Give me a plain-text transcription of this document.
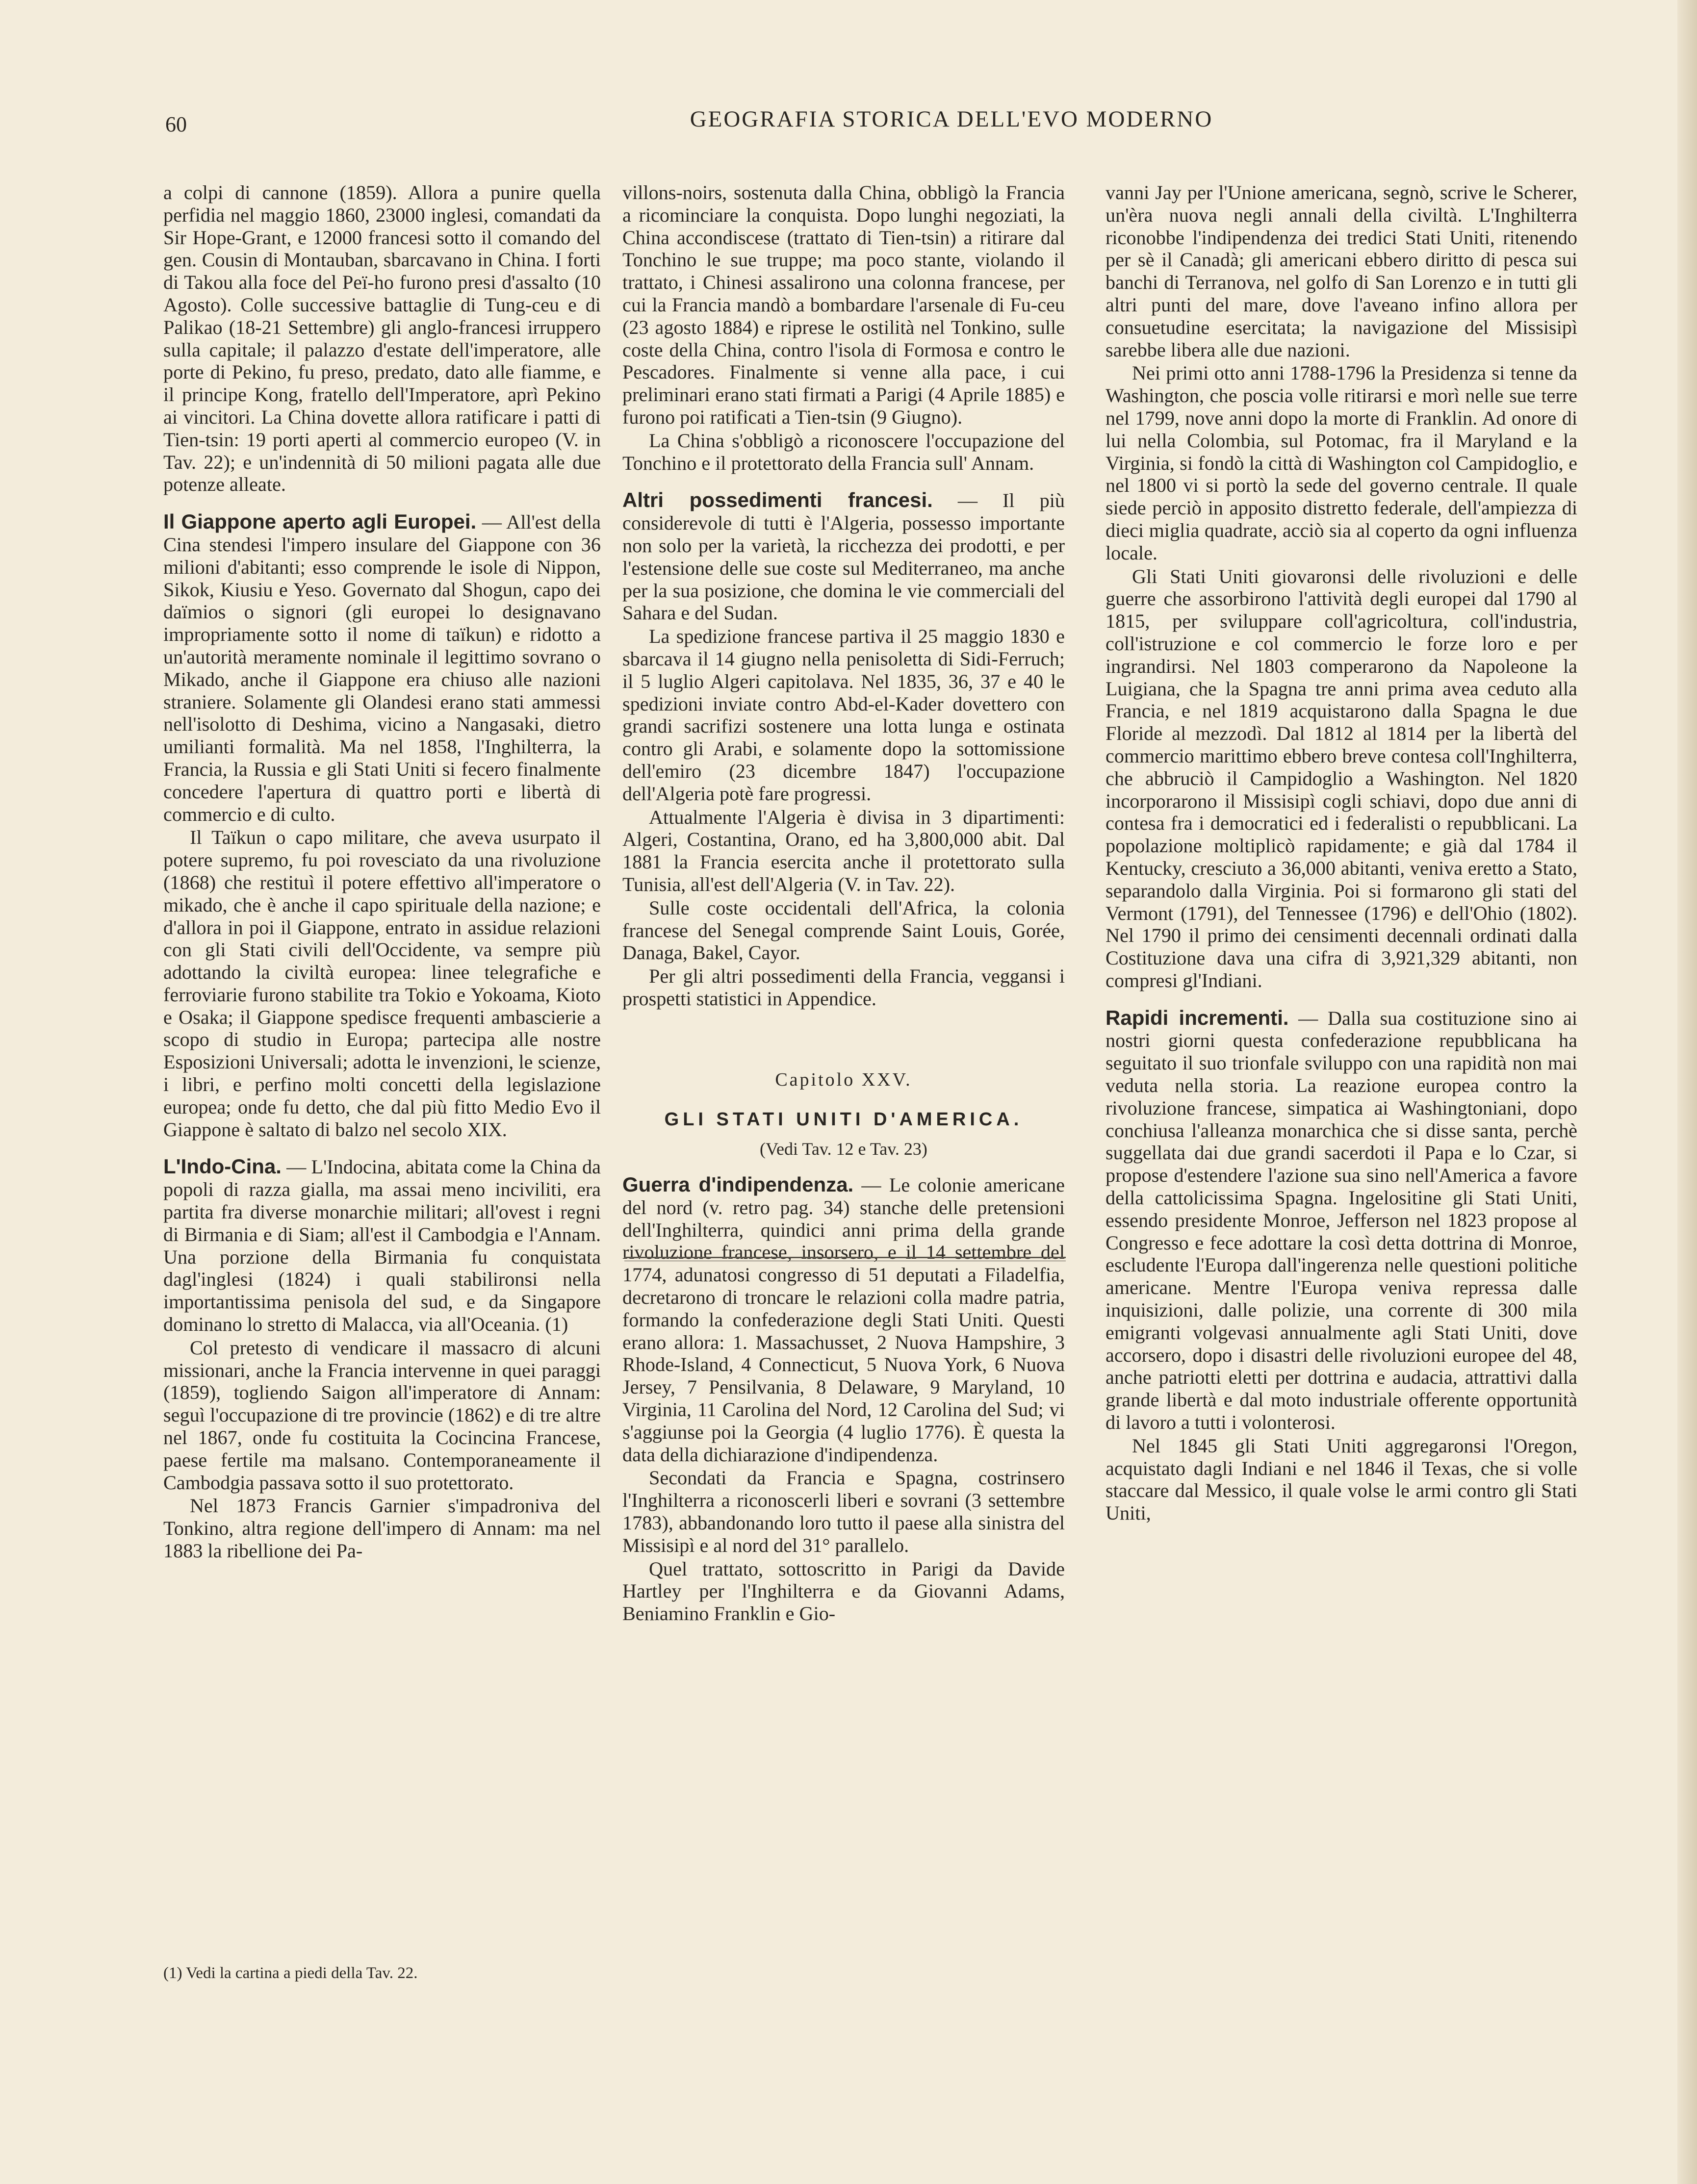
60	GEOGRAFIA STORICA DELL'EVO MODERNO

a colpi di cannone (1859). Allora a punire quella perfidia nel maggio 1860, 23000 inglesi, comandati da Sir Hope-Grant, e 12000 francesi sotto il comando del gen. Cousin di Montauban, sbarcavano in China. I forti di Takou alla foce del Peï-ho furono presi d'assalto (10 Agosto). Colle successive battaglie di Tung-ceu e di Palikao (18-21 Settembre) gli anglo-francesi irruppero sulla capitale; il palazzo d'estate dell'imperatore, alle porte di Pekino, fu preso, predato, dato alle fiamme, e il principe Kong, fratello dell'Imperatore, aprì Pekino ai vincitori. La China dovette allora ratificare i patti di Tien-tsin: 19 porti aperti al commercio europeo (V. in Tav. 22); e un'indennità di 50 milioni pagata alle due potenze alleate.

Il Giappone aperto agli Europei. — All'est della Cina stendesi l'impero insulare del Giappone con 36 milioni d'abitanti; esso comprende le isole di Nippon, Sikok, Kiusiu e Yeso. Governato dal Shogun, capo dei daïmios o signori (gli europei lo designavano impropriamente sotto il nome di taïkun) e ridotto a un'autorità meramente nominale il legittimo sovrano o Mikado, anche il Giappone era chiuso alle nazioni straniere. Solamente gli Olandesi erano stati ammessi nell'isolotto di Deshima, vicino a Nangasaki, dietro umilianti formalità. Ma nel 1858, l'Inghilterra, la Francia, la Russia e gli Stati Uniti si fecero finalmente concedere l'apertura di quattro porti e libertà di commercio e di culto.

Il Taïkun o capo militare, che aveva usurpato il potere supremo, fu poi rovesciato da una rivoluzione (1868) che restituì il potere effettivo all'imperatore o mikado, che è anche il capo spirituale della nazione; e d'allora in poi il Giappone, entrato in assidue relazioni con gli Stati civili dell'Occidente, va sempre più adottando la civiltà europea: linee telegrafiche e ferroviarie furono stabilite tra Tokio e Yokoama, Kioto e Osaka; il Giappone spedisce frequenti ambascierie a scopo di studio in Europa; partecipa alle nostre Esposizioni Universali; adotta le invenzioni, le scienze, i libri, e perfino molti concetti della legislazione europea; onde fu detto, che dal più fitto Medio Evo il Giappone è saltato di balzo nel secolo XIX.

L'Indo-Cina. — L'Indocina, abitata come la China da popoli di razza gialla, ma assai meno inciviliti, era partita fra diverse monarchie militari; all'ovest i regni di Birmania e di Siam; all'est il Cambodgia e l'Annam. Una porzione della Birmania fu conquistata dagl'inglesi (1824) i quali stabilironsi nella importantissima penisola del sud, e da Singapore dominano lo stretto di Malacca, via all'Oceania. (1)

Col pretesto di vendicare il massacro di alcuni missionari, anche la Francia intervenne in quei paraggi (1859), togliendo Saigon all'imperatore di Annam: seguì l'occupazione di tre provincie (1862) e di tre altre nel 1867, onde fu costituita la Cocincina Francese, paese fertile ma malsano. Contemporaneamente il Cambodgia passava sotto il suo protettorato.

Nel 1873 Francis Garnier s'impadroniva del Tonkino, altra regione dell'impero di Annam: ma nel 1883 la ribellione dei Pa-

(1) Vedi la cartina a piedi della Tav. 22.

villons-noirs, sostenuta dalla China, obbligò la Francia a ricominciare la conquista. Dopo lunghi negoziati, la China accondiscese (trattato di Tien-tsin) a ritirare dal Tonchino le sue truppe; ma poco stante, violando il trattato, i Chinesi assalirono una colonna francese, per cui la Francia mandò a bombardare l'arsenale di Fu-ceu (23 agosto 1884) e riprese le ostilità nel Tonkino, sulle coste della China, contro l'isola di Formosa e contro le Pescadores. Finalmente si venne alla pace, i cui preliminari erano stati firmati a Parigi (4 Aprile 1885) e furono poi ratificati a Tien-tsin (9 Giugno).

La China s'obbligò a riconoscere l'occupazione del Tonchino e il protettorato della Francia sull' Annam.

Altri possedimenti francesi. — Il più considerevole di tutti è l'Algeria, possesso importante non solo per la varietà, la ricchezza dei prodotti, e per l'estensione delle sue coste sul Mediterraneo, ma anche per la sua posizione, che domina le vie commerciali del Sahara e del Sudan.

La spedizione francese partiva il 25 maggio 1830 e sbarcava il 14 giugno nella penisoletta di Sidi-Ferruch; il 5 luglio Algeri capitolava. Nel 1835, 36, 37 e 40 le spedizioni inviate contro Abd-el-Kader dovettero con grandi sacrifizi sostenere una lotta lunga e ostinata contro gli Arabi, e solamente dopo la sottomissione dell'emiro (23 dicembre 1847) l'occupazione dell'Algeria potè fare progressi.

Attualmente l'Algeria è divisa in 3 dipartimenti: Algeri, Costantina, Orano, ed ha 3,800,000 abit. Dal 1881 la Francia esercita anche il protettorato sulla Tunisia, all'est dell'Algeria (V. in Tav. 22).

Sulle coste occidentali dell'Africa, la colonia francese del Senegal comprende Saint Louis, Gorée, Danaga, Bakel, Cayor.

Per gli altri possedimenti della Francia, veggansi i prospetti statistici in Appendice.

Capitolo XXV.

GLI STATI UNITI D'AMERICA.

(Vedi Tav. 12 e Tav. 23)

Guerra d'indipendenza. — Le colonie americane del nord (v. retro pag. 34) stanche delle pretensioni dell'Inghilterra, quindici anni prima della grande rivoluzione francese, insorsero, e il 14 settembre del 1774, adunatosi congresso di 51 deputati a Filadelfia, decretarono di troncare le relazioni colla madre patria, formando la confederazione degli Stati Uniti. Questi erano allora: 1. Massachusset, 2 Nuova Hampshire, 3 Rhode-Island, 4 Connecticut, 5 Nuova York, 6 Nuova Jersey, 7 Pensilvania, 8 Delaware, 9 Maryland, 10 Virginia, 11 Carolina del Nord, 12 Carolina del Sud; vi s'aggiunse poi la Georgia (4 luglio 1776). È questa la data della dichiarazione d'indipendenza.

Secondati da Francia e Spagna, costrinsero l'Inghilterra a riconoscerli liberi e sovrani (3 settembre 1783), abbandonando loro tutto il paese alla sinistra del Missisipì e al nord del 31° parallelo.

Quel trattato, sottoscritto in Parigi da Davide Hartley per l'Inghilterra e da Giovanni Adams, Beniamino Franklin e Gio-

vanni Jay per l'Unione americana, segnò, scrive le Scherer, un'èra nuova negli annali della civiltà. L'Inghilterra riconobbe l'indipendenza dei tredici Stati Uniti, ritenendo per sè il Canadà; gli americani ebbero diritto di pesca sui banchi di Terranova, nel golfo di San Lorenzo e in tutti gli altri punti del mare, dove l'aveano infino allora per consuetudine esercitata; la navigazione del Missisipì sarebbe libera alle due nazioni.

Nei primi otto anni 1788-1796 la Presidenza si tenne da Washington, che poscia volle ritirarsi e morì nelle sue terre nel 1799, nove anni dopo la morte di Franklin. Ad onore di lui nella Colombia, sul Potomac, fra il Maryland e la Virginia, si fondò la città di Washington col Campidoglio, e nel 1800 vi si portò la sede del governo centrale. Il quale siede perciò in apposito distretto federale, dell'ampiezza di dieci miglia quadrate, acciò sia al coperto da ogni influenza locale.

Gli Stati Uniti giovaronsi delle rivoluzioni e delle guerre che assorbirono l'attività degli europei dal 1790 al 1815, per sviluppare coll'agricoltura, coll'industria, coll'istruzione e col commercio le forze loro e per ingrandirsi. Nel 1803 comperarono da Napoleone la Luigiana, che la Spagna tre anni prima avea ceduto alla Francia, e nel 1819 acquistarono dalla Spagna le due Floride al mezzodì. Dal 1812 al 1814 per la libertà del commercio marittimo ebbero breve contesa coll'Inghilterra, che abbruciò il Campidoglio a Washington. Nel 1820 incorporarono il Missisipì cogli schiavi, dopo due anni di contesa fra i democratici ed i federalisti o repubblicani. La popolazione moltiplicò rapidamente; e già dal 1784 il Kentucky, cresciuto a 36,000 abitanti, veniva eretto a Stato, separandolo dalla Virginia. Poi si formarono gli stati del Vermont (1791), del Tennessee (1796) e dell'Ohio (1802). Nel 1790 il primo dei censimenti decennali ordinati dalla Costituzione dava una cifra di 3,921,329 abitanti, non compresi gl'Indiani.

Rapidi incrementi. — Dalla sua costituzione sino ai nostri giorni questa confederazione repubblicana ha seguitato il suo trionfale sviluppo con una rapidità non mai veduta nella storia. La reazione europea contro la rivoluzione francese, simpatica ai Washingtoniani, dopo conchiusa l'alleanza monarchica che si disse santa, perchè suggellata dai due grandi sacerdoti il Papa e lo Czar, si propose d'estendere l'azione sua sino nell'America a favore della cattolicissima Spagna. Ingelositine gli Stati Uniti, essendo presidente Monroe, Jefferson nel 1823 propose al Congresso e fece adottare la così detta dottrina di Monroe, escludente l'Europa dall'ingerenza nelle questioni politiche americane. Mentre l'Europa veniva repressa dalle inquisizioni, dalle polizie, una corrente di 300 mila emigranti volgevasi annualmente agli Stati Uniti, dove accorsero, dopo i disastri delle rivoluzioni europee del 48, anche patriotti eletti per dottrina e audacia, attrattivi dalla grande libertà e dal moto industriale offerente opportunità di lavoro a tutti i volonterosi.

Nel 1845 gli Stati Uniti aggregaronsi l'Oregon, acquistato dagli Indiani e nel 1846 il Texas, che si volle staccare dal Messico, il quale volse le armi contro gli Stati Uniti,
